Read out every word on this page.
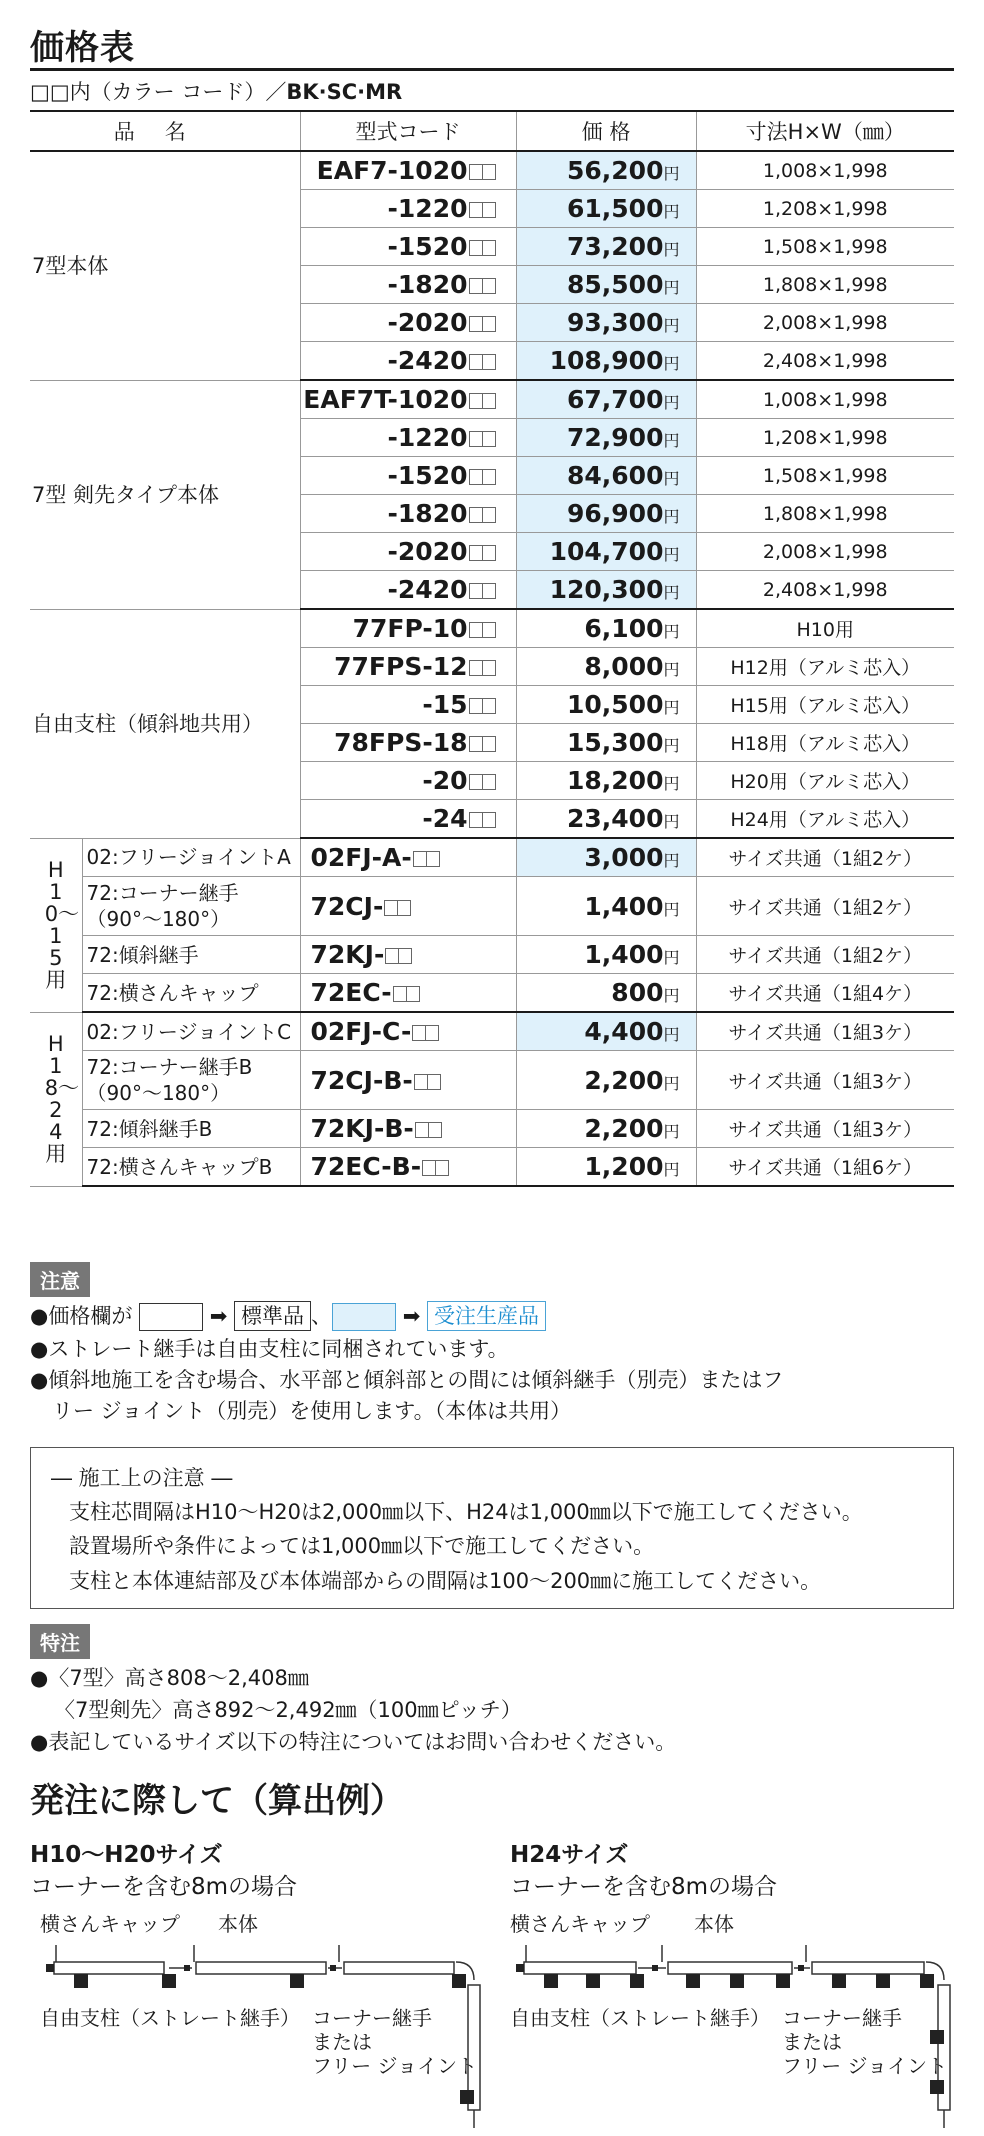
価格表
□□内（カラー コード）／BK·SC·MR
品名		型式コード	価 格	寸法H×W（㎜）
7型本体		EAF7-1020	56,200円	1,008×1,998
		-1220	61,500円	1,208×1,998
		-1520	73,200円	1,508×1,998
		-1820	85,500円	1,808×1,998
		-2020	93,300円	2,008×1,998
		-2420	108,900円	2,408×1,998
7型 剣先タイプ本体		EAF7T-1020	67,700円	1,008×1,998
		-1220	72,900円	1,208×1,998
		-1520	84,600円	1,508×1,998
		-1820	96,900円	1,808×1,998
		-2020	104,700円	2,008×1,998
		-2420	120,300円	2,408×1,998
自由支柱（傾斜地共用）		77FP-10	6,100円	H10用
		77FPS-12	8,000円	H12用（アルミ芯入）
		-15	10,500円	H15用（アルミ芯入）
		78FPS-18	15,300円	H18用（アルミ芯入）
		-20	18,200円	H20用（アルミ芯入）
		-24	23,400円	H24用（アルミ芯入）
H10〜15用	02:フリージョイントA	02FJ-A-	3,000円	サイズ共通（1組2ケ）
	72:コーナー継手（90°〜180°）	72CJ-	1,400円	サイズ共通（1組2ケ）
	72:傾斜継手	72KJ-	1,400円	サイズ共通（1組2ケ）
	72:横さんキャップ	72EC-	800円	サイズ共通（1組4ケ）
H18〜24用	02:フリージョイントC	02FJ-C-	4,400円	サイズ共通（1組3ケ）
	72:コーナー継手B（90°〜180°）	72CJ-B-	2,200円	サイズ共通（1組3ケ）
	72:傾斜継手B	72KJ-B-	2,200円	サイズ共通（1組3ケ）
	72:横さんキャップB	72EC-B-	1,200円	サイズ共通（1組6ケ）
注意
●価格欄が	➡ 標準品 、	➡ 受注生産品
●ストレート継手は自由支柱に同梱されています。
●傾斜地施工を含む場合、水平部と傾斜部との間には傾斜継手（別売）またはフ
リー ジョイント（別売）を使用します。（本体は共用）
― 施工上の注意 ―
支柱芯間隔はH10〜H20は2,000㎜以下、H24は1,000㎜以下で施工してください。
設置場所や条件によっては1,000㎜以下で施工してください。
支柱と本体連結部及び本体端部からの間隔は100〜200㎜に施工してください。
特注
●〈7型〉高さ808〜2,408㎜
〈7型剣先〉高さ892〜2,492㎜（100㎜ピッチ）
●表記しているサイズ以下の特注についてはお問い合わせください。
発注に際して（算出例）
H10〜H20サイズ
コーナーを含む8mの場合
H24サイズ
コーナーを含む8mの場合
横さんキャップ 本体
自由支柱（ストレート継手） コーナー継手
または
フリー ジョイント
横さんキャップ 本体
自由支柱（ストレート継手） コーナー継手
または
フリー ジョイント
